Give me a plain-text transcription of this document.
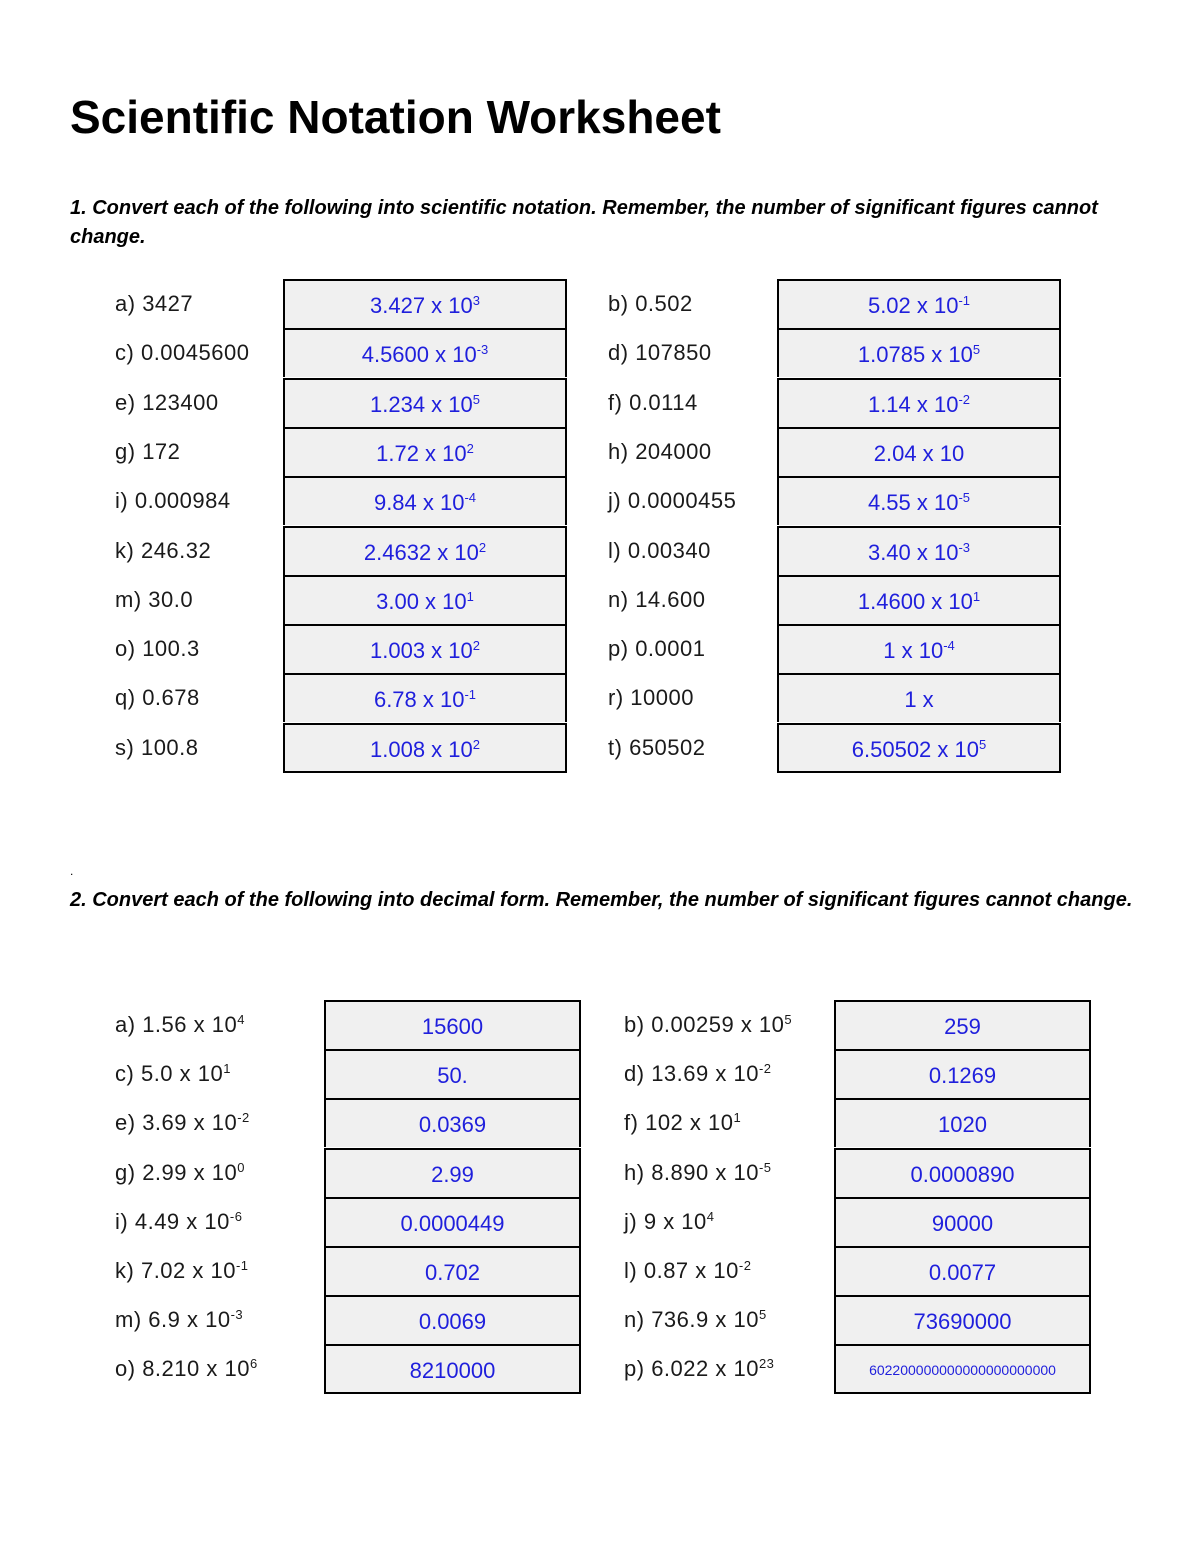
Scientific Notation Worksheet

1. Convert each of the following into scientific notation. Remember, the number of significant figures cannot change.

a) 3427	3.427 x $10^3$
c) 0.0045600	4.5600 x $10^{-3}$
e) 123400	1.234 x $10^5$
g) 172	1.72 x $10^2$
i) 0.000984	9.84 x $10^{-4}$
k) 246.32	2.4632 x $10^2$
m) 30.0	3.00 x $10^1$
o) 100.3	1.003 x $10^2$
q) 0.678	6.78 x $10^{-1}$
s) 100.8	1.008 x $10^2$
b) 0.502	5.02 x $10^{-1}$
d) 107850	1.0785 x $10^5$
f) 0.0114	1.14 x $10^{-2}$
h) 204000	2.04 x 10
j) 0.0000455	4.55 x $10^{-5}$
l) 0.00340	3.40 x $10^{-3}$
n) 14.600	1.4600 x $10^1$
p) 0.0001	1 x $10^{-4}$
r) 10000	1 x
t) 650502	6.50502 x $10^5$
.

2. Convert each of the following into decimal form. Remember, the number of significant figures cannot change.

a) 1.56 x $10^4$	15600
c) 5.0 x $10^1$	50.
e) 3.69 x $10^{-2}$	0.0369
g) 2.99 x $10^0$	2.99
i) 4.49 x $10^{-6}$	0.0000449
k) 7.02 x $10^{-1}$	0.702
m) 6.9 x $10^{-3}$	0.0069
o) 8.210 x $10^6$	8210000
b) 0.00259 x $10^5$	259
d) 13.69 x $10^{-2}$	0.1269
f) 102 x $10^1$	1020
h) 8.890 x $10^{-5}$	0.0000890
j) 9 x $10^4$	90000
l) 0.87 x $10^{-2}$	0.0077
n) 736.9 x $10^5$	73690000
p) 6.022 x $10^{23}$	602200000000000000000000
